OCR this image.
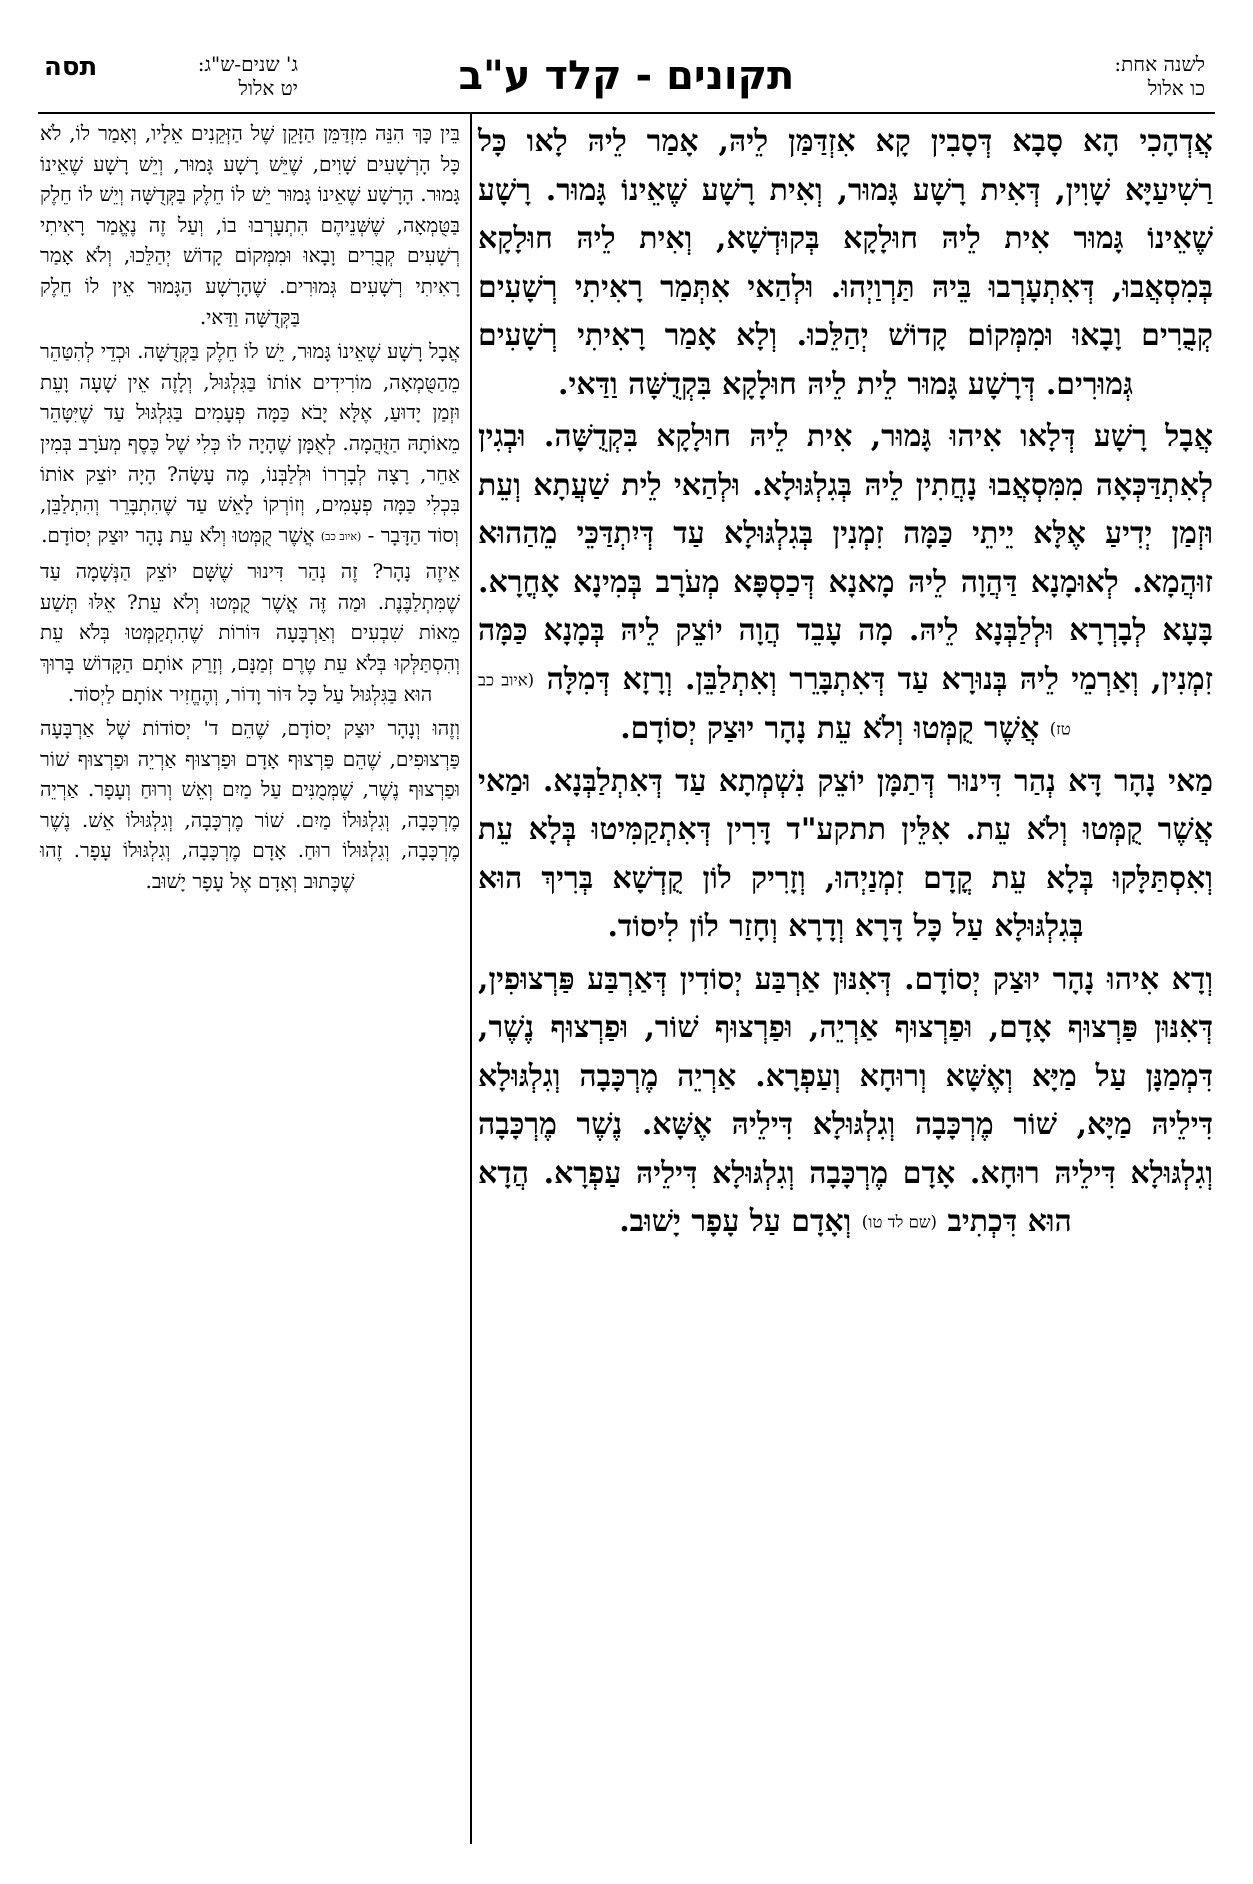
לשנה אחת:
כו אלול
תקונים - קלד ע"ב
ג' שנים-ש"ג:
יט אלול
תסה

אֲדְהָכִי הָא סָבָא דְּסָבִין קָא אִזְדַּמַּן לֵיהּ, אָמַר לֵיהּ לָאו כָּל רַשִׁיעַיָּא שָׁוִין, דְּאִית רָשָׁע גָּמוּר, וְאִית רָשָׁע שֶׁאֵינוֹ גָּמוּר. רָשָׁע שֶׁאֵינוֹ גָּמוּר אִית לֵיהּ חוּלָקָא בְּקוּדְשָׁא, וְאִית לֵיהּ חוּלָקָא בְּמִסְאֲבוּ, דְּאִתְעָרְבוּ בֵּיהּ תַּרְוַיְהוּ. וּלְהַאי אִתְּמַר רָאִיתִי רְשָׁעִים קְבֻרִים וָבָאוּ וּמִמְּקוֹם קָדוֹשׁ יְהַלֵּכוּ. וְלָא אָמַר רָאִיתִי רְשָׁעִים גְּמוּרִים. דְּרָשָׁע גָּמוּר לֵית לֵיהּ חוּלָקָא בִּקְדֻשָּׁה וַדַּאי.

אֲבָל רָשָׁע דְּלָאו אִיהוּ גָּמוּר, אִית לֵיהּ חוּלָקָא בִּקְדֻשָּׁה. וּבְגִין לְאִתְדַּכְּאָה מִמִּסְאֲבוּ נָחֲתִין לֵיהּ בְּגִלְגּוּלָא. וּלְהַאי לֵית שַׁעֲתָא וְעֵת וּזְמַן יְדִיעַ אֶלָּא יֵיתֵי כַּמָּה זִמְנִין בְּגִלְגּוּלָא עַד דְּיִתְדַּכֵּי מֵהַהוּא זוּהֲמָא. לְאוּמָנָא דַּהֲוָה לֵיהּ מָאנָא דְּכַסְפָּא מְעֹרָב בְּמִינָא אָחֳרָא. בָּעָא לְבָרְרָא וּלְלַבְּנָא לֵיהּ. מָה עָבֵד הֲוָה יוֹצֵק לֵיהּ בְּמָנָא כַּמָּה זִמְנִין, וְאַרְמֵי לֵיהּ בְּנוּרָא עַד דְּאִתְבָּרֵר וְאִתְלַבֵּן. וְרָזָא דְּמִלָּה (איוב כב טז) אֲשֶׁר קֻמְּטוּ וְלֹא עֵת נָהָר יוּצַק יְסוֹדָם.

מַאי נָהָר דָּא נְהַר דִּינוּר דְּתַמָּן יוֹצֵק נִשְׁמְתָא עַד דְּאִתְלַבְּנָא. וּמַאי אֲשֶׁר קֻמְּטוּ וְלֹא עֵת. אִלֵּין תתקע"ד דָּרִין דְּאִתְקַמִּיטוּ בְּלָא עֵת וְאִסְתַּלָּקוּ בְּלָא עֵת קֳדָם זִמְנַיְהוּ, וְזָרִיק לוֹן קֻדְשָׁא בְּרִיךְ הוּא בְּגִלְגּוּלָא עַל כָּל דָּרָא וְדָרָא וְחָזַר לוֹן לִיסוֹד.

וְדָא אִיהוּ נָהָר יוּצַק יְסוֹדָם. דְּאִנּוּן אַרְבַּע יְסוֹדִין דְּאַרְבַּע פַּרְצוּפִין, דְּאִנּוּן פַּרְצוּף אָדָם, וּפַרְצוּף אַרְיֵה, וּפַרְצוּף שׁוֹר, וּפַרְצוּף נֶשֶׁר, דִּמְמַנָּן עַל מַיָּא וְאֶשָּׁא וְרוּחָא וְעַפְרָא. אַרְיֵה מֶרְכָּבָה וְגִלְגּוּלָא דִּילֵיהּ מַיָּא, שׁוֹר מֶרְכָּבָה וְגִלְגּוּלָא דִּילֵיהּ אֶשָּׁא. נֶשֶׁר מֶרְכָּבָה וְגִלְגּוּלָא דִּילֵיהּ רוּחָא. אָדָם מֶרְכָּבָה וְגִלְגּוּלָא דִּילֵיהּ עַפְרָא. הֲדָא הוּא דִּכְתִיב (שם לד טו) וְאָדָם עַל עָפָר יָשׁוּב.

בֵּין כָּךְ הִנֵּה מִזְדַּמֵּן הַזָּקֵן שֶׁל הַזְּקֵנִים אֵלָיו, וְאָמַר לוֹ, לֹא כָּל הָרְשָׁעִים שָׁוִים, שֶׁיֵּשׁ רָשָׁע גָּמוּר, וְיֵשׁ רָשָׁע שֶׁאֵינוֹ גָּמוּר. הָרָשָׁע שֶׁאֵינוֹ גָּמוּר יֵשׁ לוֹ חֵלֶק בַּקְּדֻשָּׁה וְיֵשׁ לוֹ חֵלֶק בַּטֻּמְאָה, שֶׁשְּׁנֵיהֶם הִתְעָרְבוּ בוֹ, וְעַל זֶה נֶאֱמַר רָאִיתִי רְשָׁעִים קְבֻרִים וָבָאוּ וּמִמְּקוֹם קָדוֹשׁ יְהַלֵּכוּ, וְלֹא אָמַר רָאִיתִי רְשָׁעִים גְּמוּרִים. שֶׁהָרָשָׁע הַגָּמוּר אֵין לוֹ חֵלֶק בַּקְּדֻשָּׁה וַדַּאי.

אֲבָל רָשָׁע שֶׁאֵינוֹ גָּמוּר, יֵשׁ לוֹ חֵלֶק בַּקְּדֻשָּׁה. וּכְדֵי לְהִטַּהֵר מֵהַטֻּמְאָה, מוֹרִידִים אוֹתוֹ בַּגִּלְגּוּל, וְלָזֶה אֵין שָׁעָה וָעֵת וּזְמַן יָדוּעַ, אֶלָּא יָבֹא כַּמָּה פְעָמִים בַּגִּלְגּוּל עַד שֶׁיִּטָּהֵר מֵאוֹתָהּ הַזֻּהֲמָה. לְאֻמָּן שֶׁהָיָה לוֹ כְּלִי שֶׁל כֶּסֶף מְעֹרָב בְּמִין אַחֵר, רָצָה לְבָרְרוֹ וּלְלַבְּנוֹ, מֶה עָשָׂה? הָיָה יוֹצֵק אוֹתוֹ בִּכְלִי כַּמָּה פְעָמִים, וְזוֹרְקוֹ לָאֵשׁ עַד שֶׁהִתְבָּרֵר וְהִתְלַבֵּן, וְסוֹד הַדָּבָר - (איוב כב) אֲשֶׁר קֻמְּטוּ וְלֹא עֵת נָהָר יוּצַק יְסוֹדָם.

אֵיזֶה נָהָר? זֶה נְהַר דִּינוּר שֶׁשָּׁם יוֹצֵק הַנְּשָׁמָה עַד שֶׁמִּתְלַבֶּנֶת. וּמַה זֶּה אֲשֶׁר קֻמְּטוּ וְלֹא עֵת? אֵלּוּ תְּשַׁע מֵאוֹת שִׁבְעִים וְאַרְבָּעָה דּוֹרוֹת שֶׁהִתְקַמְּטוּ בְּלֹא עֵת וְהִסְתַּלְּקוּ בְּלֹא עֵת טֶרֶם זְמַנָּם, וְזָרַק אוֹתָם הַקָּדוֹשׁ בָּרוּךְ הוּא בַּגִּלְגּוּל עַל כָּל דּוֹר וָדוֹר, וְהֶחֱזִיר אוֹתָם לַיְסוֹד.

וְזֶהוּ וְנָהָר יוּצַק יְסוֹדָם, שֶׁהֵם ד' יְסוֹדוֹת שֶׁל אַרְבָּעָה פַּרְצוּפִים, שֶׁהֵם פַּרְצוּף אָדָם וּפַרְצוּף אַרְיֵה וּפַרְצוּף שׁוֹר וּפַרְצוּף נֶשֶׁר, שֶׁמְּמֻנִּים עַל מַיִם וְאֵשׁ וְרוּחַ וְעָפָר. אַרְיֵה מֶרְכָּבָה, וְגִלְגּוּלוֹ מַיִם. שׁוֹר מֶרְכָּבָה, וְגִלְגּוּלוֹ אֵשׁ. נֶשֶׁר מֶרְכָּבָה, וְגִלְגּוּלוֹ רוּחַ. אָדָם מֶרְכָּבָה, וְגִלְגּוּלוֹ עָפָר. זֶהוּ שֶׁכָּתוּב וְאָדָם אֶל עָפָר יָשׁוּב.
